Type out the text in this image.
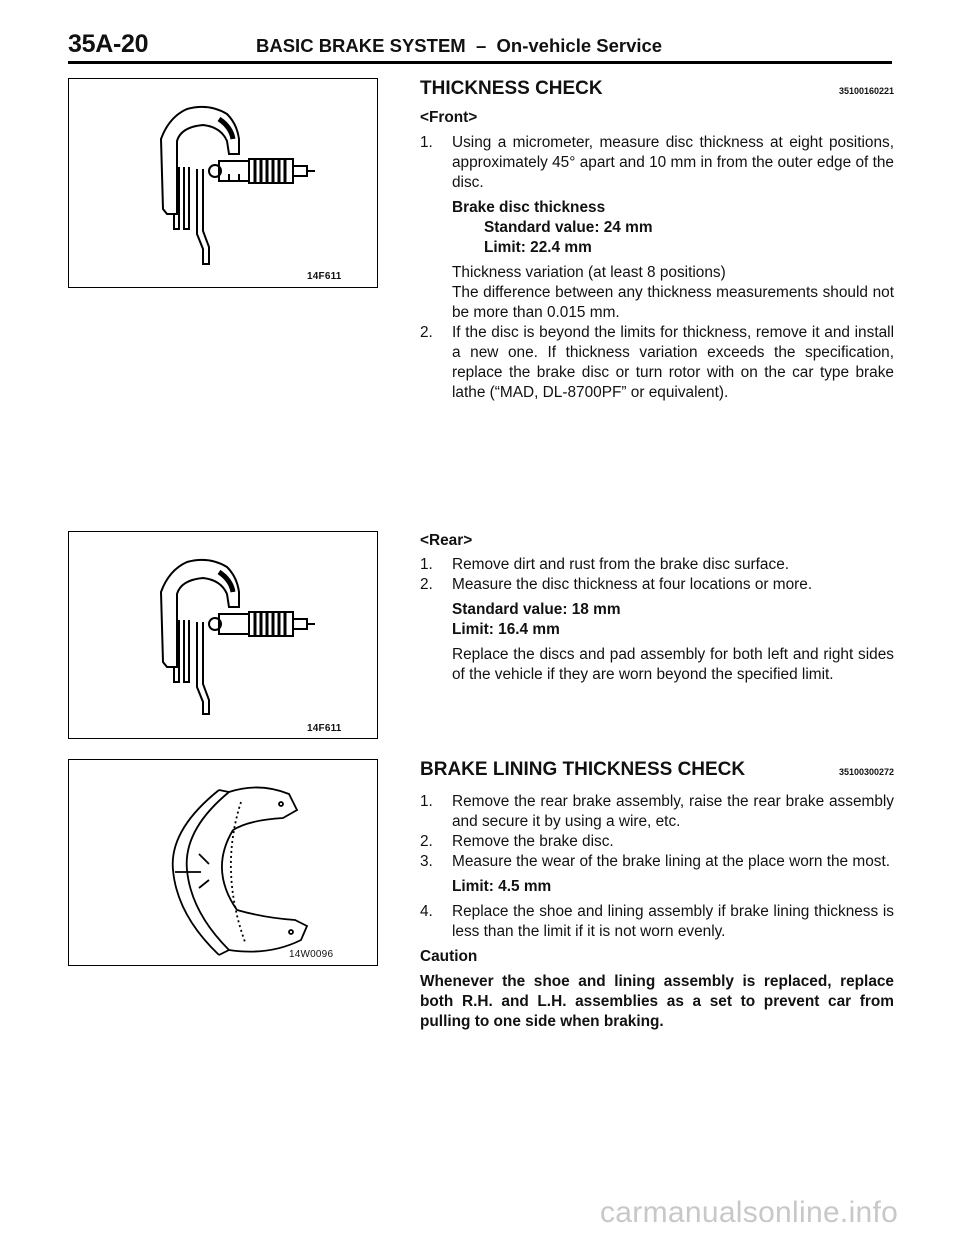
35A-20	BASIC BRAKE SYSTEM  –  On-vehicle Service
14F611
14F611
14W0096
THICKNESS CHECK	35100160221
<Front>
1.	Using a micrometer, measure disc thickness at eight positions, approximately 45° apart and 10 mm in from the outer edge of the disc.
Brake disc thickness
Standard value: 24 mm
Limit: 22.4 mm
Thickness variation (at least 8 positions)
The difference between any thickness measurements should not be more than 0.015 mm.
2.	If the disc is beyond the limits for thickness, remove it and install a new one. If thickness variation exceeds the specification, replace the brake disc or turn rotor with on the car type brake lathe (“MAD, DL-8700PF” or equivalent).
<Rear>
1.	Remove dirt and rust from the brake disc surface.
2.	Measure the disc thickness at four locations or more.
Standard value: 18 mm
Limit: 16.4 mm
Replace the discs and pad assembly for both left and right sides of the vehicle if they are worn beyond the specified limit.
BRAKE LINING THICKNESS CHECK	35100300272
1.	Remove the rear brake assembly, raise the rear brake assembly and secure it by using a wire, etc.
2.	Remove the brake disc.
3.	Measure the wear of the brake lining at the place worn the most.
Limit: 4.5 mm
4.	Replace the shoe and lining assembly if brake lining thickness is less than the limit if it is not worn evenly.
Caution
Whenever the shoe and lining assembly is replaced, replace both R.H. and L.H. assemblies as a set to prevent car from pulling to one side when braking.
carmanualsonline.info
